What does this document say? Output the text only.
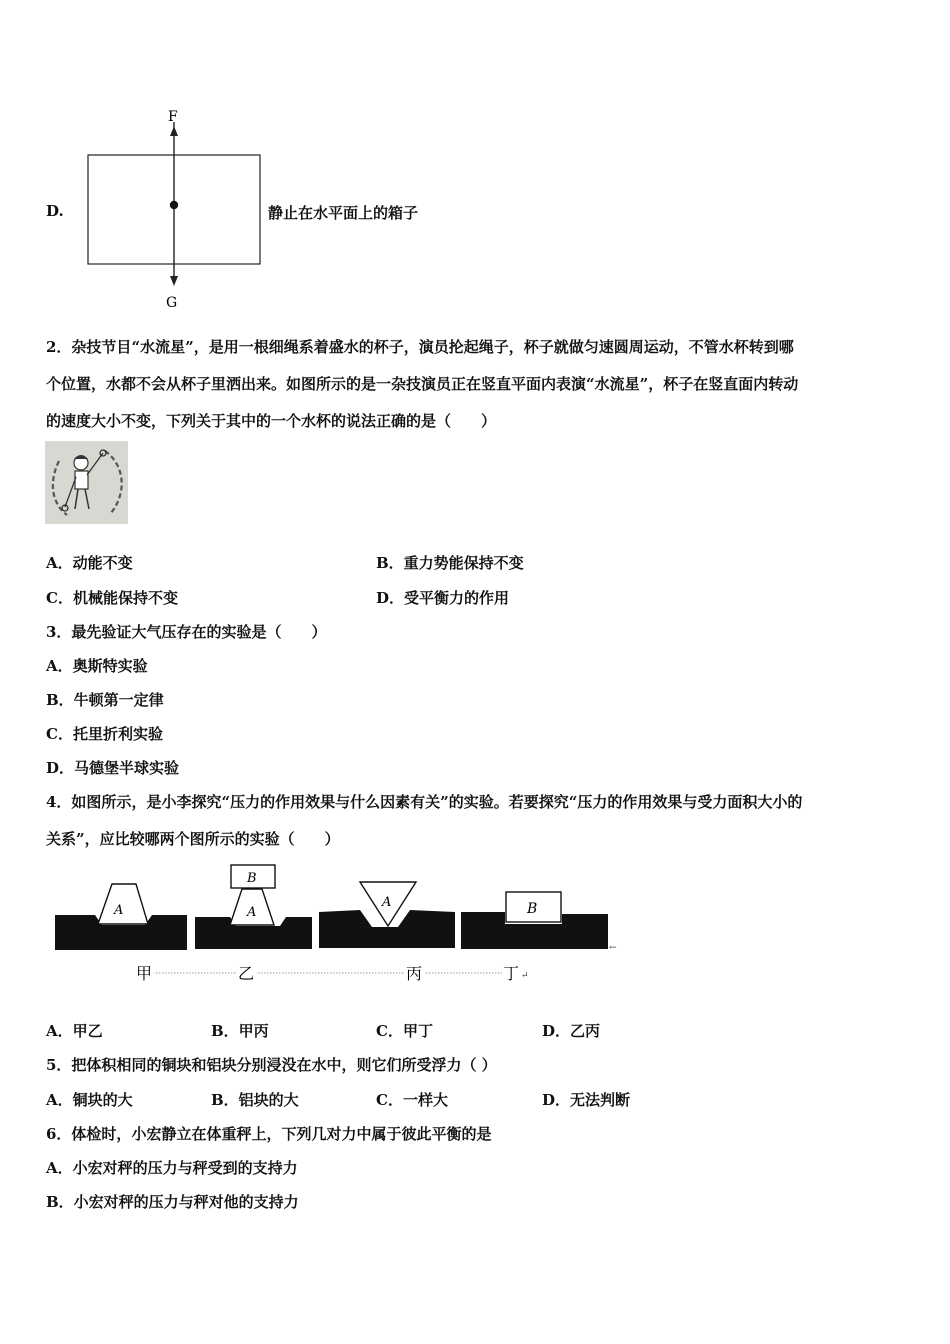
D.
F
G
静止在水平面上的箱子
2．杂技节目“水流星”，是用一根细绳系着盛水的杯子，演员抡起绳子，杯子就做匀速圆周运动，不管水杯转到哪
个位置，水都不会从杯子里洒出来。如图所示的是一杂技演员正在竖直平面内表演“水流星”，杯子在竖直面内转动
的速度大小不变，下列关于其中的一个水杯的说法正确的是（　　）
A．动能不变	B．重力势能保持不变
C．机械能保持不变	D．受平衡力的作用
3．最先验证大气压存在的实验是（　　）
A．奥斯特实验
B．牛顿第一定律
C．托里折利实验
D．马德堡半球实验
4．如图所示，是小李探究“压力的作用效果与什么因素有关”的实验。若要探究“压力的作用效果与受力面积大小的
关系”，应比较哪两个图所示的实验（　　）
A	A
B
A	B
←
甲	乙	丙	丁 ↵
A．甲乙	B．甲丙	C．甲丁	D．乙丙
5．把体积相同的铜块和铝块分别浸没在水中，则它们所受浮力（ ）
A．铜块的大	B．铝块的大	C．一样大	D．无法判断
6．体检时，小宏静立在体重秤上，下列几对力中属于彼此平衡的是
A．小宏对秤的压力与秤受到的支持力
B．小宏对秤的压力与秤对他的支持力
